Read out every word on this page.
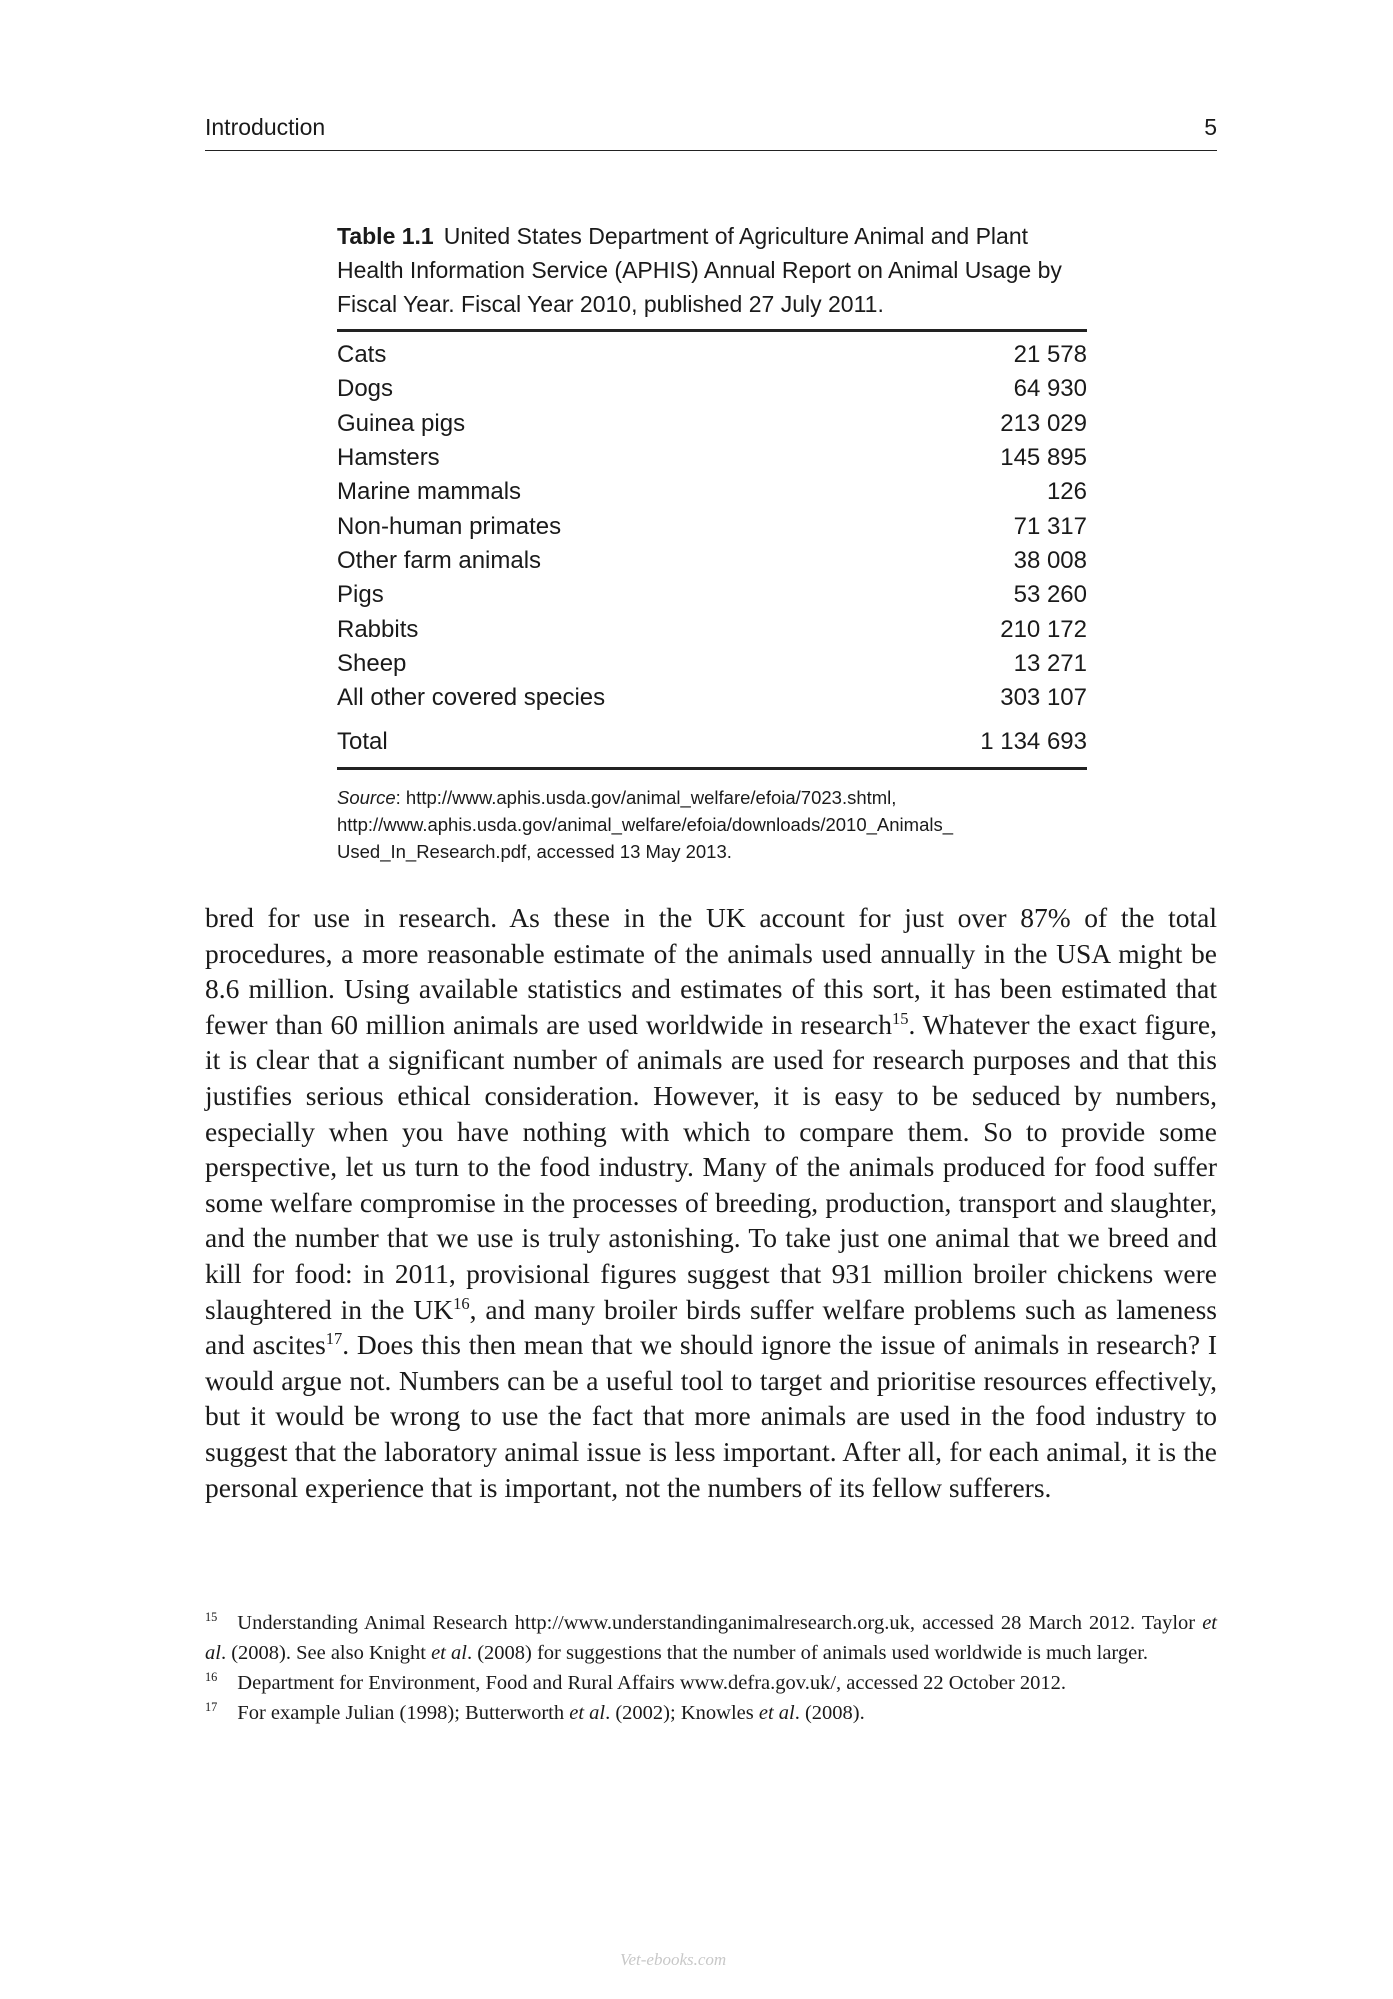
Introduction	5

Table 1.1 United States Department of Agriculture Animal and Plant Health Information Service (APHIS) Annual Report on Animal Usage by Fiscal Year. Fiscal Year 2010, published 27 July 2011.

Cats	21 578
Dogs	64 930
Guinea pigs	213 029
Hamsters	145 895
Marine mammals	126
Non-human primates	71 317
Other farm animals	38 008
Pigs	53 260
Rabbits	210 172
Sheep	13 271
All other covered species	303 107
Total	1 134 693
Source: http://www.aphis.usda.gov/animal_welfare/efoia/7023.shtml, http://www.aphis.usda.gov/animal_welfare/efoia/downloads/2010_Animals_ Used_In_Research.pdf, accessed 13 May 2013.

bred for use in research. As these in the UK account for just over 87% of the total procedures, a more reasonable estimate of the animals used annually in the USA might be 8.6 million. Using available statistics and estimates of this sort, it has been estimated that fewer than 60 million animals are used worldwide in research$^{15}$. Whatever the exact figure, it is clear that a significant number of animals are used for research purposes and that this justifies serious ethical consideration. However, it is easy to be seduced by numbers, especially when you have nothing with which to compare them. So to provide some perspective, let us turn to the food industry. Many of the animals produced for food suffer some welfare compromise in the processes of breeding, production, transport and slaughter, and the number that we use is truly astonishing. To take just one animal that we breed and kill for food: in 2011, provisional figures suggest that 931 million broiler chickens were slaughtered in the UK$^{16}$, and many broiler birds suffer welfare problems such as lameness and ascites$^{17}$. Does this then mean that we should ignore the issue of animals in research? I would argue not. Numbers can be a useful tool to target and prioritise resources effectively, but it would be wrong to use the fact that more animals are used in the food industry to suggest that the laboratory animal issue is less important. After all, for each animal, it is the personal experience that is important, not the numbers of its fellow sufferers.

$^{15}$ Understanding Animal Research http://www.understandinganimalresearch.org.uk, accessed 28 March 2012. Taylor et al. (2008). See also Knight et al. (2008) for suggestions that the number of animals used worldwide is much larger.

$^{16}$ Department for Environment, Food and Rural Affairs www.defra.gov.uk/, accessed 22 October 2012.

$^{17}$ For example Julian (1998); Butterworth et al. (2002); Knowles et al. (2008).

Vet-ebooks.com
